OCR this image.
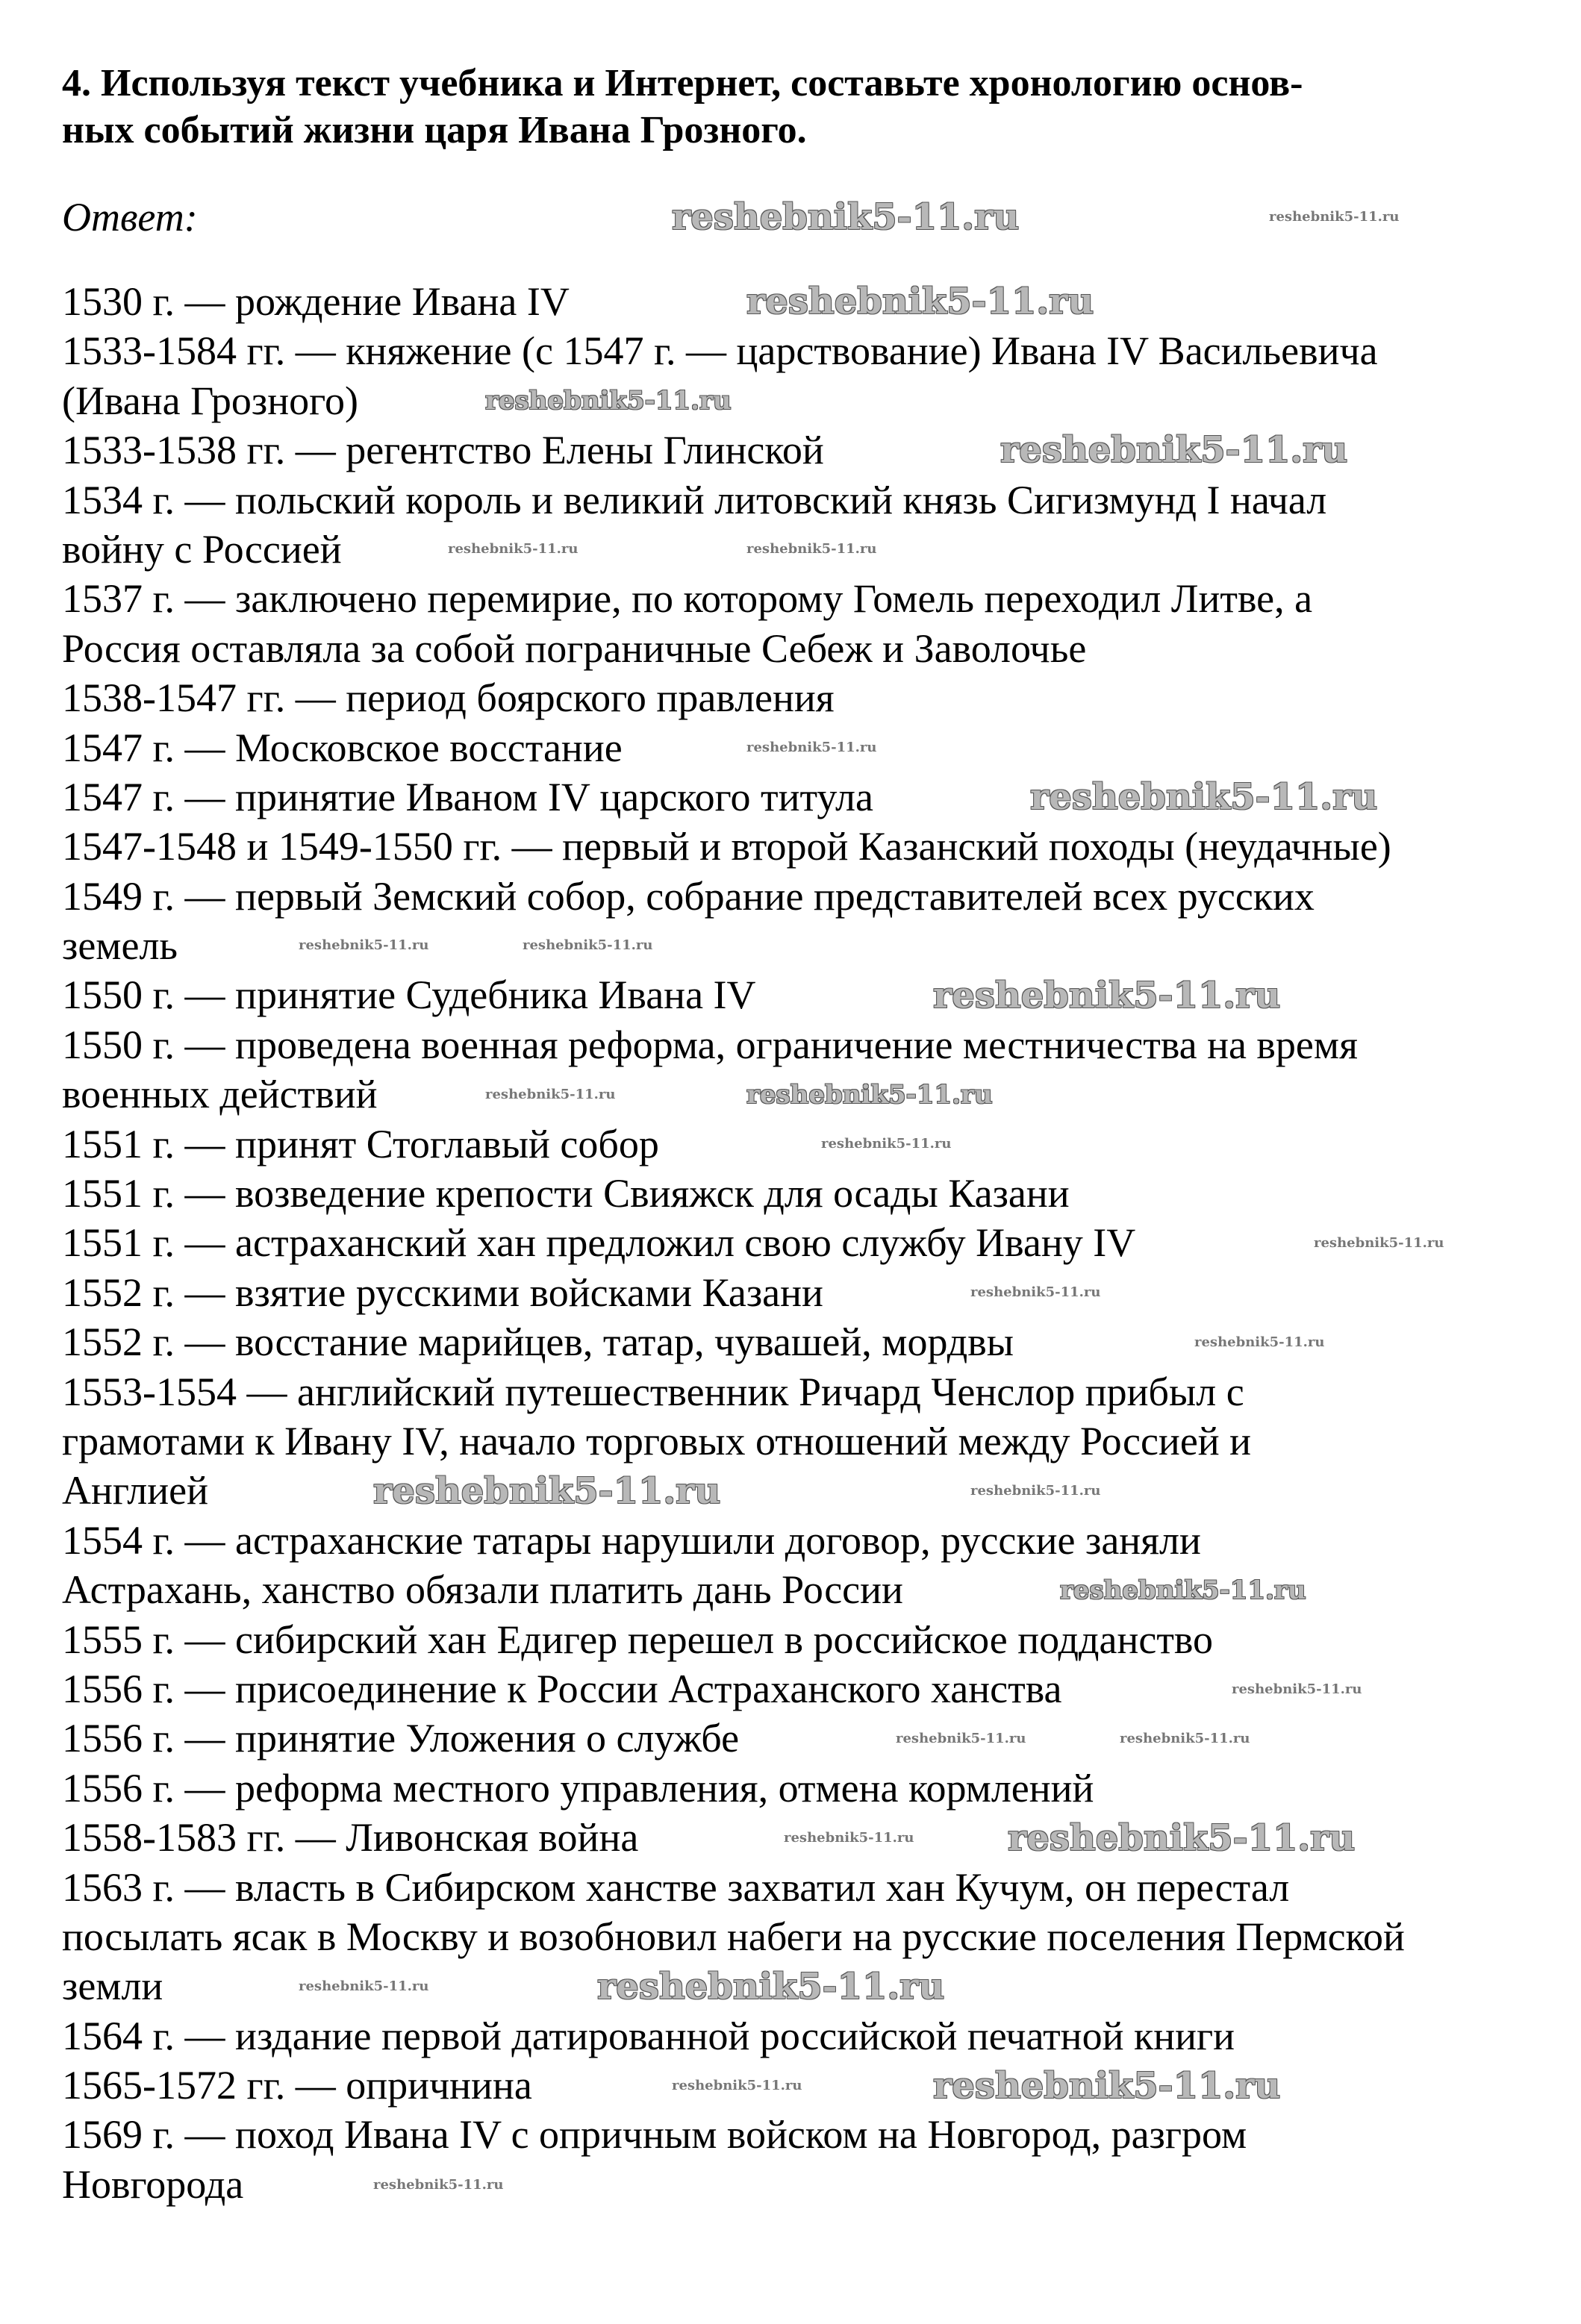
4. Используя текст учебника и Интернет, составьте хронологию основ-
ных событий жизни царя Ивана Грозного.
Ответ:
1530 г. — рождение Ивана IV
1533-1584 гг. — княжение (с 1547 г. — царствование) Ивана IV Васильевича
(Ивана Грозного)
1533-1538 гг. — регентство Елены Глинской
1534 г. — польский король и великий литовский князь Сигизмунд I начал
войну с Россией
1537 г. — заключено перемирие, по которому Гомель переходил Литве, а
Россия оставляла за собой пограничные Себеж и Заволочье
1538-1547 гг. — период боярского правления
1547 г. — Московское восстание
1547 г. — принятие Иваном IV царского титула
1547-1548 и 1549-1550 гг. — первый и второй Казанский походы (неудачные)
1549 г. — первый Земский собор, собрание представителей всех русских
земель
1550 г. — принятие Судебника Ивана IV
1550 г. — проведена военная реформа, ограничение местничества на время
военных действий
1551 г. — принят Стоглавый собор
1551 г. — возведение крепости Свияжск для осады Казани
1551 г. — астраханский хан предложил свою службу Ивану IV
1552 г. — взятие русскими войсками Казани
1552 г. — восстание марийцев, татар, чувашей, мордвы
1553-1554 — английский путешественник Ричард Ченслор прибыл с
грамотами к Ивану IV, начало торговых отношений между Россией и
Англией
1554 г. — астраханские татары нарушили договор, русские заняли
Астрахань, ханство обязали платить дань России
1555 г. — сибирский хан Едигер перешел в российское подданство
1556 г. — присоединение к России Астраханского ханства
1556 г. — принятие Уложения о службе
1556 г. — реформа местного управления, отмена кормлений
1558-1583 гг. — Ливонская война
1563 г. — власть в Сибирском ханстве захватил хан Кучум, он перестал
посылать ясак в Москву и возобновил набеги на русские поселения Пермской
земли
1564 г. — издание первой датированной российской печатной книги
1565-1572 гг. — опричнина
1569 г. — поход Ивана IV с опричным войском на Новгород, разгром
Новгорода
reshebnik5-11.ru	reshebnik5-11.ru
reshebnik5-11.ru
reshebnik5-11.ru
reshebnik5-11.ru
reshebnik5-11.ru
reshebnik5-11.ru
reshebnik5-11.ru
reshebnik5-11.ru
reshebnik5-11.ru
reshebnik5-11.ru
reshebnik5-11.ru
reshebnik5-11.ru
reshebnik5-11.ru
reshebnik5-11.ru
reshebnik5-11.ru
reshebnik5-11.ru
reshebnik5-11.ru
reshebnik5-11.ru	reshebnik5-11.ru
reshebnik5-11.ru
reshebnik5-11.ru
reshebnik5-11.ru	reshebnik5-11.ru
reshebnik5-11.ru	reshebnik5-11.ru
reshebnik5-11.ru	reshebnik5-11.ru
reshebnik5-11.ru	reshebnik5-11.ru
reshebnik5-11.ru
